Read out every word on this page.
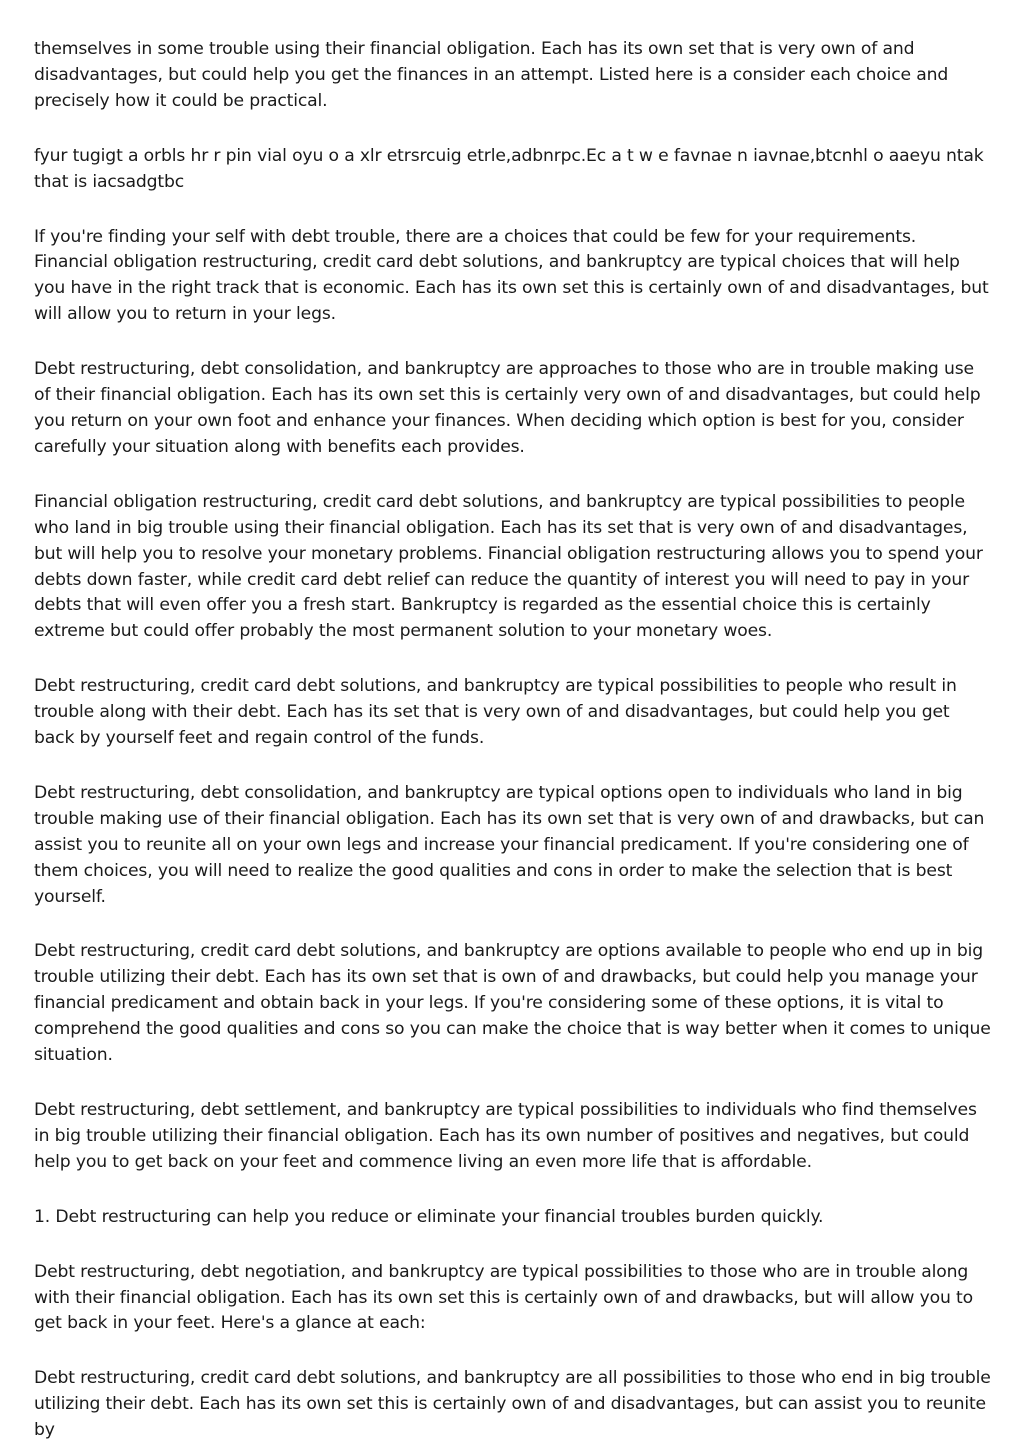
themselves in some trouble using their financial obligation. Each has its own set that is very own of and disadvantages, but could help you get the finances in an attempt. Listed here is a consider each choice and precisely how it could be practical.

fyur tugigt a orbls hr r pin vial oyu o a xlr etrsrcuig etrle,adbnrpc.Ec a t w e favnae n iavnae,btcnhl o aaeyu ntak that is iacsadgtbc

If you're finding your self with debt trouble, there are a choices that could be few for your requirements. Financial obligation restructuring, credit card debt solutions, and bankruptcy are typical choices that will help you have in the right track that is economic. Each has its own set this is certainly own of and disadvantages, but will allow you to return in your legs.

Debt restructuring, debt consolidation, and bankruptcy are approaches to those who are in trouble making use of their financial obligation. Each has its own set this is certainly very own of and disadvantages, but could help you return on your own foot and enhance your finances. When deciding which option is best for you, consider carefully your situation along with benefits each provides.

Financial obligation restructuring, credit card debt solutions, and bankruptcy are typical possibilities to people who land in big trouble using their financial obligation. Each has its set that is very own of and disadvantages, but will help you to resolve your monetary problems. Financial obligation restructuring allows you to spend your debts down faster, while credit card debt relief can reduce the quantity of interest you will need to pay in your debts that will even offer you a fresh start. Bankruptcy is regarded as the essential choice this is certainly extreme but could offer probably the most permanent solution to your monetary woes.

Debt restructuring, credit card debt solutions, and bankruptcy are typical possibilities to people who result in trouble along with their debt. Each has its set that is very own of and disadvantages, but could help you get back by yourself feet and regain control of the funds.

Debt restructuring, debt consolidation, and bankruptcy are typical options open to individuals who land in big trouble making use of their financial obligation. Each has its own set that is very own of and drawbacks, but can assist you to reunite all on your own legs and increase your financial predicament. If you're considering one of them choices, you will need to realize the good qualities and cons in order to make the selection that is best yourself.

Debt restructuring, credit card debt solutions, and bankruptcy are options available to people who end up in big trouble utilizing their debt. Each has its own set that is own of and drawbacks, but could help you manage your financial predicament and obtain back in your legs. If you're considering some of these options, it is vital to comprehend the good qualities and cons so you can make the choice that is way better when it comes to unique situation.

Debt restructuring, debt settlement, and bankruptcy are typical possibilities to individuals who find themselves in big trouble utilizing their financial obligation. Each has its own number of positives and negatives, but could help you to get back on your feet and commence living an even more life that is affordable.

1. Debt restructuring can help you reduce or eliminate your financial troubles burden quickly.

Debt restructuring, debt negotiation, and bankruptcy are typical possibilities to those who are in trouble along with their financial obligation. Each has its own set this is certainly own of and drawbacks, but will allow you to get back in your feet. Here's a glance at each:

Debt restructuring, credit card debt solutions, and bankruptcy are all possibilities to those who end in big trouble utilizing their debt. Each has its own set this is certainly own of and disadvantages, but can assist you to reunite by
